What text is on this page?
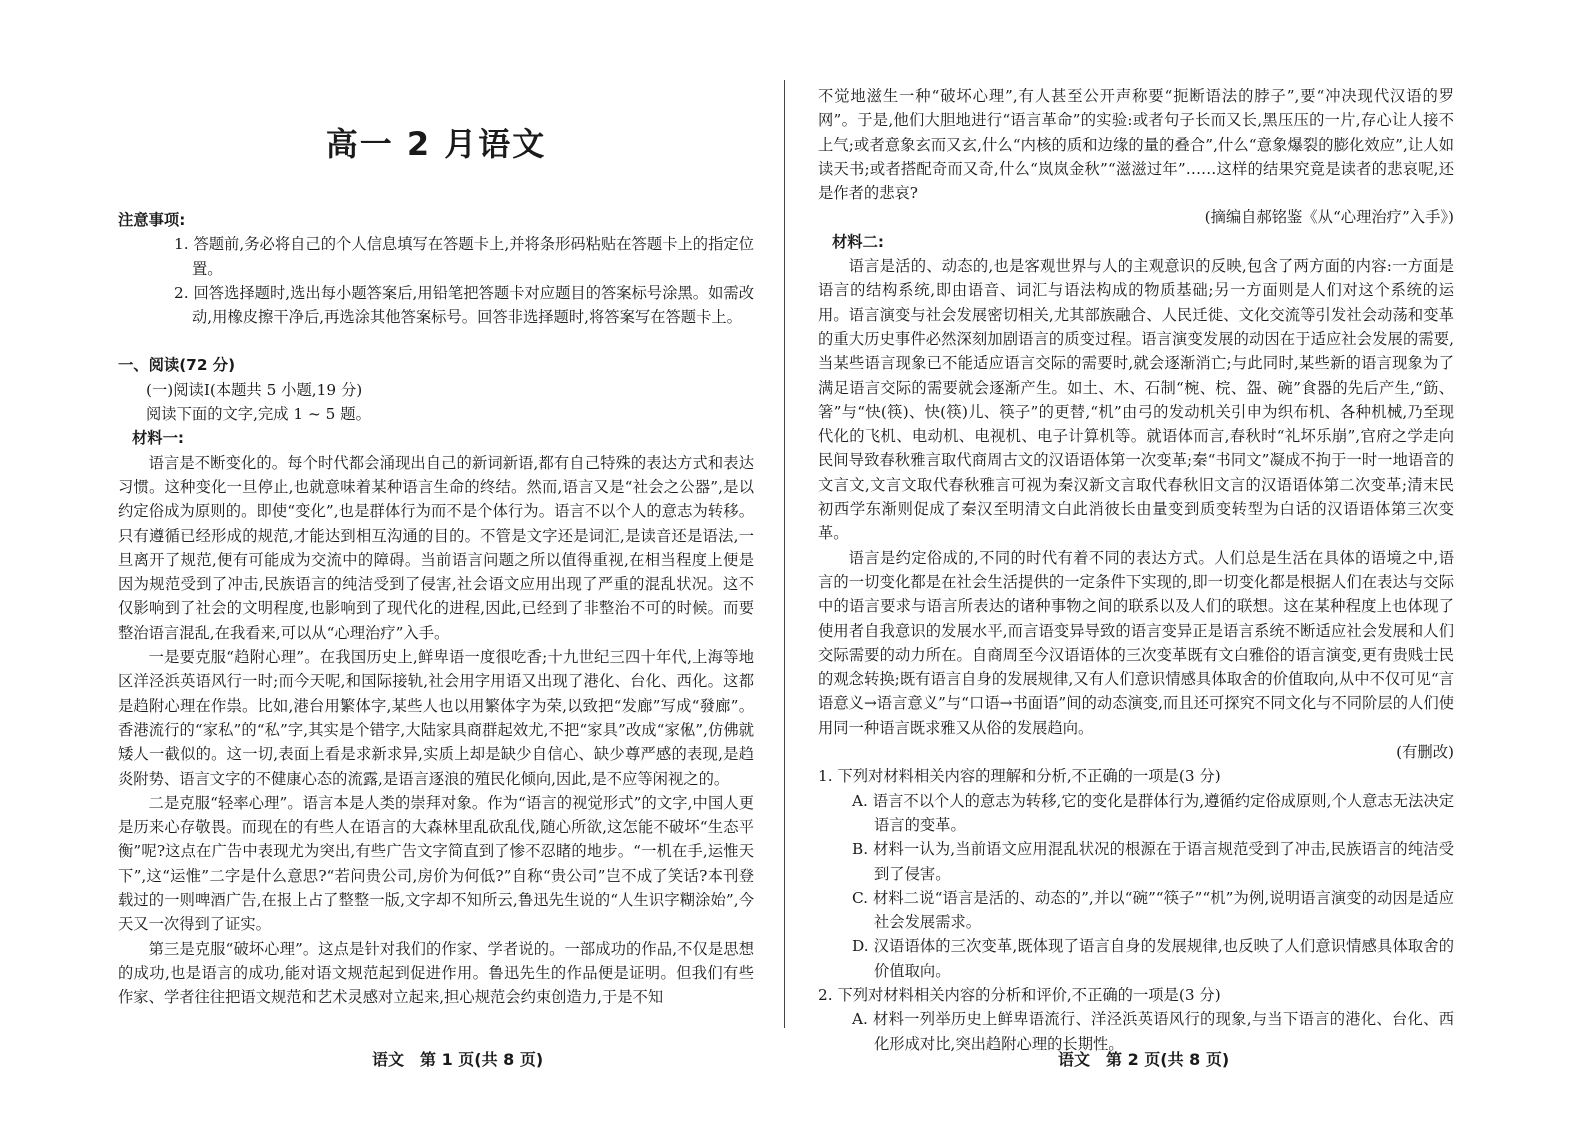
高一 2 月语文

注意事项:

1. 答题前,务必将自己的个人信息填写在答题卡上,并将条形码粘贴在答题卡上的指定位置。

2. 回答选择题时,选出每小题答案后,用铅笔把答题卡对应题目的答案标号涂黑。如需改动,用橡皮擦干净后,再选涂其他答案标号。回答非选择题时,将答案写在答题卡上。

一、阅读(72 分)

(一)阅读Ⅰ(本题共 5 小题,19 分)

阅读下面的文字,完成 1 ~ 5 题。

材料一:

语言是不断变化的。每个时代都会涌现出自己的新词新语,都有自己特殊的表达方式和表达习惯。这种变化一旦停止,也就意味着某种语言生命的终结。然而,语言又是“社会之公器”,是以约定俗成为原则的。即使“变化”,也是群体行为而不是个体行为。语言不以个人的意志为转移。只有遵循已经形成的规范,才能达到相互沟通的目的。不管是文字还是词汇,是读音还是语法,一旦离开了规范,便有可能成为交流中的障碍。当前语言问题之所以值得重视,在相当程度上便是因为规范受到了冲击,民族语言的纯洁受到了侵害,社会语文应用出现了严重的混乱状况。这不仅影响到了社会的文明程度,也影响到了现代化的进程,因此,已经到了非整治不可的时候。而要整治语言混乱,在我看来,可以从“心理治疗”入手。

一是要克服“趋附心理”。在我国历史上,鲜卑语一度很吃香;十九世纪三四十年代,上海等地区洋泾浜英语风行一时;而今天呢,和国际接轨,社会用字用语又出现了港化、台化、西化。这都是趋附心理在作祟。比如,港台用繁体字,某些人也以用繁体字为荣,以致把“发廊”写成“發廊”。香港流行的“家私”的“私”字,其实是个错字,大陆家具商群起效尤,不把“家具”改成“家俬”,仿佛就矮人一截似的。这一切,表面上看是求新求异,实质上却是缺少自信心、缺少尊严感的表现,是趋炎附势、语言文字的不健康心态的流露,是语言逐浪的殖民化倾向,因此,是不应等闲视之的。

二是克服“轻率心理”。语言本是人类的崇拜对象。作为“语言的视觉形式”的文字,中国人更是历来心存敬畏。而现在的有些人在语言的大森林里乱砍乱伐,随心所欲,这怎能不破坏“生态平衡”呢?这点在广告中表现尤为突出,有些广告文字简直到了惨不忍睹的地步。“一机在手,运惟天下”,这“运惟”二字是什么意思?“若问贵公司,房价为何低?”自称“贵公司”岂不成了笑话?本刊登载过的一则啤酒广告,在报上占了整整一版,文字却不知所云,鲁迅先生说的“人生识字糊涂始”,今天又一次得到了证实。

第三是克服“破坏心理”。这点是针对我们的作家、学者说的。一部成功的作品,不仅是思想的成功,也是语言的成功,能对语文规范起到促进作用。鲁迅先生的作品便是证明。但我们有些作家、学者往往把语文规范和艺术灵感对立起来,担心规范会约束创造力,于是不知

不觉地滋生一种“破坏心理”,有人甚至公开声称要“扼断语法的脖子”,要“冲决现代汉语的罗网”。于是,他们大胆地进行“语言革命”的实验:或者句子长而又长,黑压压的一片,存心让人接不上气;或者意象玄而又玄,什么“内核的质和边缘的量的叠合”,什么“意象爆裂的膨化效应”,让人如读天书;或者搭配奇而又奇,什么“岚岚金秋”“滋滋过年”……这样的结果究竟是读者的悲哀呢,还是作者的悲哀?

(摘编自郝铭鉴《从“心理治疗”入手》)

材料二:

语言是活的、动态的,也是客观世界与人的主观意识的反映,包含了两方面的内容:一方面是语言的结构系统,即由语音、词汇与语法构成的物质基础;另一方面则是人们对这个系统的运用。语言演变与社会发展密切相关,尤其部族融合、人民迁徙、文化交流等引发社会动荡和变革的重大历史事件必然深刻加剧语言的质变过程。语言演变发展的动因在于适应社会发展的需要,当某些语言现象已不能适应语言交际的需要时,就会逐渐消亡;与此同时,某些新的语言现象为了满足语言交际的需要就会逐渐产生。如土、木、石制“椀、梡、盌、碗”食器的先后产生,“筯、箸”与“快(筷)、快(筷)儿、筷子”的更替,“机”由弓的发动机关引申为织布机、各种机械,乃至现代化的飞机、电动机、电视机、电子计算机等。就语体而言,春秋时“礼坏乐崩”,官府之学走向民间导致春秋雅言取代商周古文的汉语语体第一次变革;秦“书同文”凝成不拘于一时一地语音的文言文,文言文取代春秋雅言可视为秦汉新文言取代春秋旧文言的汉语语体第二次变革;清末民初西学东渐则促成了秦汉至明清文白此消彼长由量变到质变转型为白话的汉语语体第三次变革。

语言是约定俗成的,不同的时代有着不同的表达方式。人们总是生活在具体的语境之中,语言的一切变化都是在社会生活提供的一定条件下实现的,即一切变化都是根据人们在表达与交际中的语言要求与语言所表达的诸种事物之间的联系以及人们的联想。这在某种程度上也体现了使用者自我意识的发展水平,而言语变异导致的语言变异正是语言系统不断适应社会发展和人们交际需要的动力所在。自商周至今汉语语体的三次变革既有文白雅俗的语言演变,更有贵贱士民的观念转换;既有语言自身的发展规律,又有人们意识情感具体取舍的价值取向,从中不仅可见“言语意义→语言意义”与“口语→书面语”间的动态演变,而且还可探究不同文化与不同阶层的人们使用同一种语言既求雅又从俗的发展趋向。

(有删改)

1. 下列对材料相关内容的理解和分析,不正确的一项是(3 分)

A. 语言不以个人的意志为转移,它的变化是群体行为,遵循约定俗成原则,个人意志无法决定语言的变革。

B. 材料一认为,当前语文应用混乱状况的根源在于语言规范受到了冲击,民族语言的纯洁受到了侵害。

C. 材料二说“语言是活的、动态的”,并以“碗”“筷子”“机”为例,说明语言演变的动因是适应社会发展需求。

D. 汉语语体的三次变革,既体现了语言自身的发展规律,也反映了人们意识情感具体取舍的价值取向。

2. 下列对材料相关内容的分析和评价,不正确的一项是(3 分)

A. 材料一列举历史上鲜卑语流行、洋泾浜英语风行的现象,与当下语言的港化、台化、西化形成对比,突出趋附心理的长期性。

语文　第 1 页(共 8 页)	语文　第 2 页(共 8 页)
